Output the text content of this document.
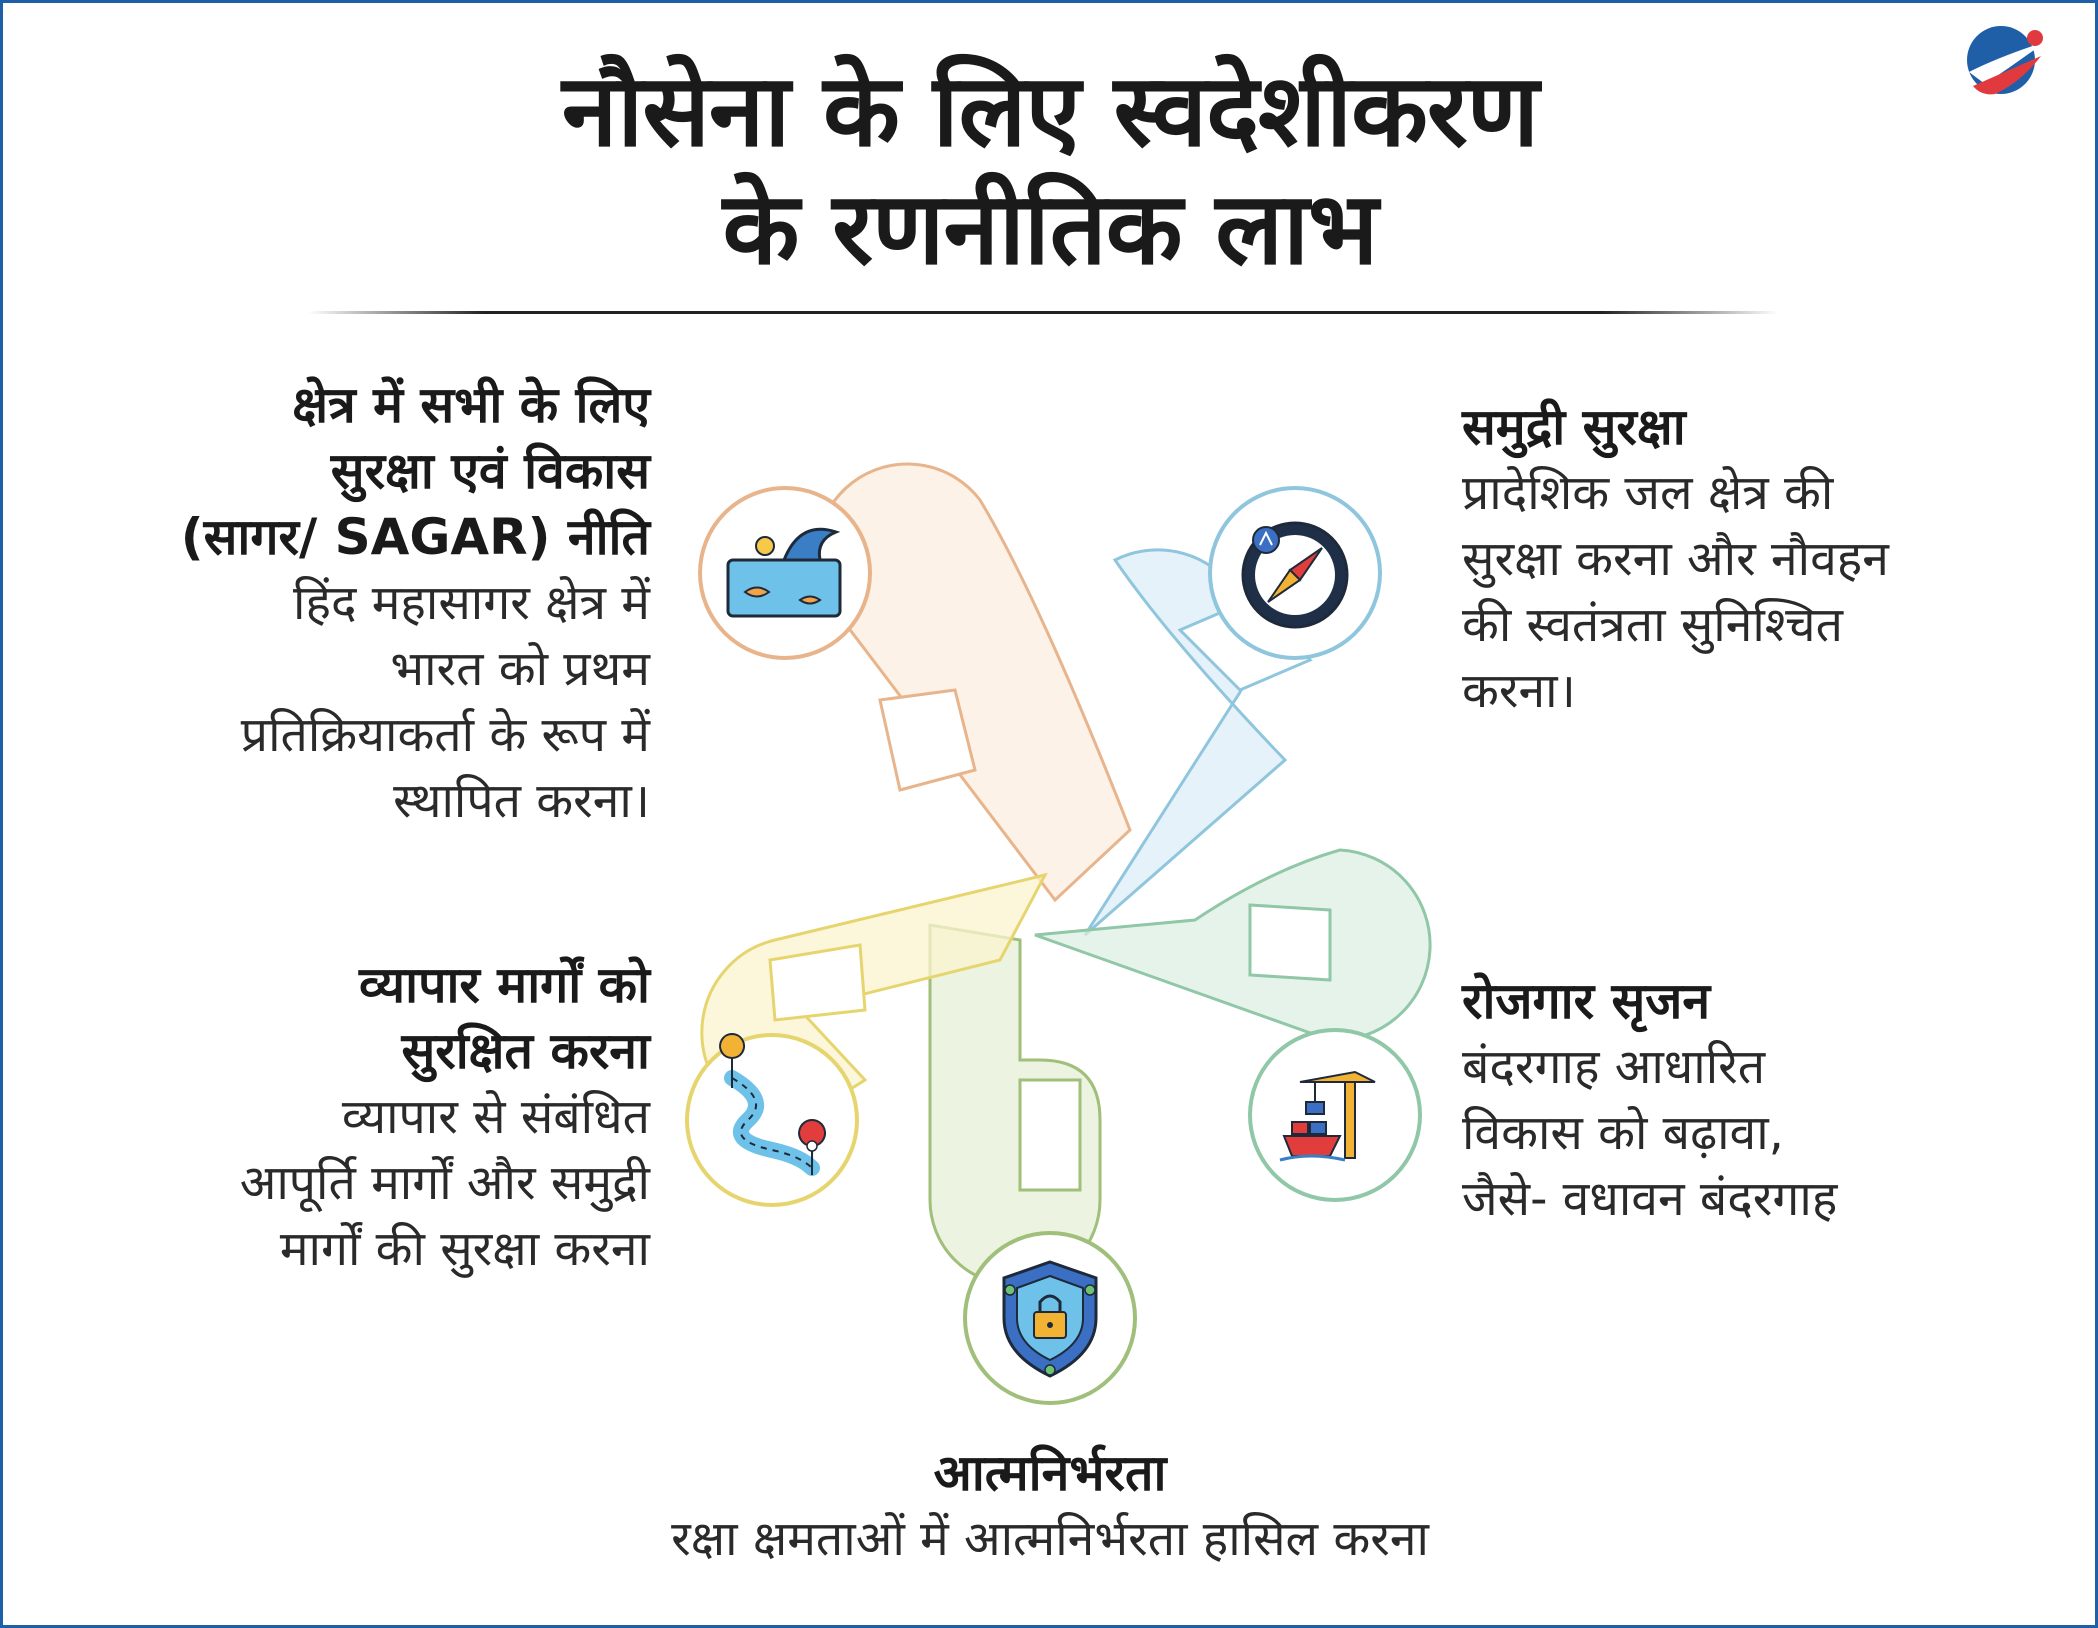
नौसेना के लिए स्वदेशीकरण
के रणनीतिक लाभ
क्षेत्र में सभी के लिए
सुरक्षा एवं विकास
(सागर/ SAGAR) नीति
हिंद महासागर क्षेत्र में
भारत को प्रथम
प्रतिक्रियाकर्ता के रूप में
स्थापित करना।
समुद्री सुरक्षा
प्रादेशिक जल क्षेत्र की
सुरक्षा करना और नौवहन
की स्वतंत्रता सुनिश्चित
करना।
रोजगार सृजन
बंदरगाह आधारित
विकास को बढ़ावा,
जैसे- वधावन बंदरगाह
आत्मनिर्भरता
रक्षा क्षमताओं में आत्मनिर्भरता हासिल करना
व्यापार मार्गों को
सुरक्षित करना
व्यापार से संबंधित
आपूर्ति मार्गों और समुद्री
मार्गों की सुरक्षा करना
